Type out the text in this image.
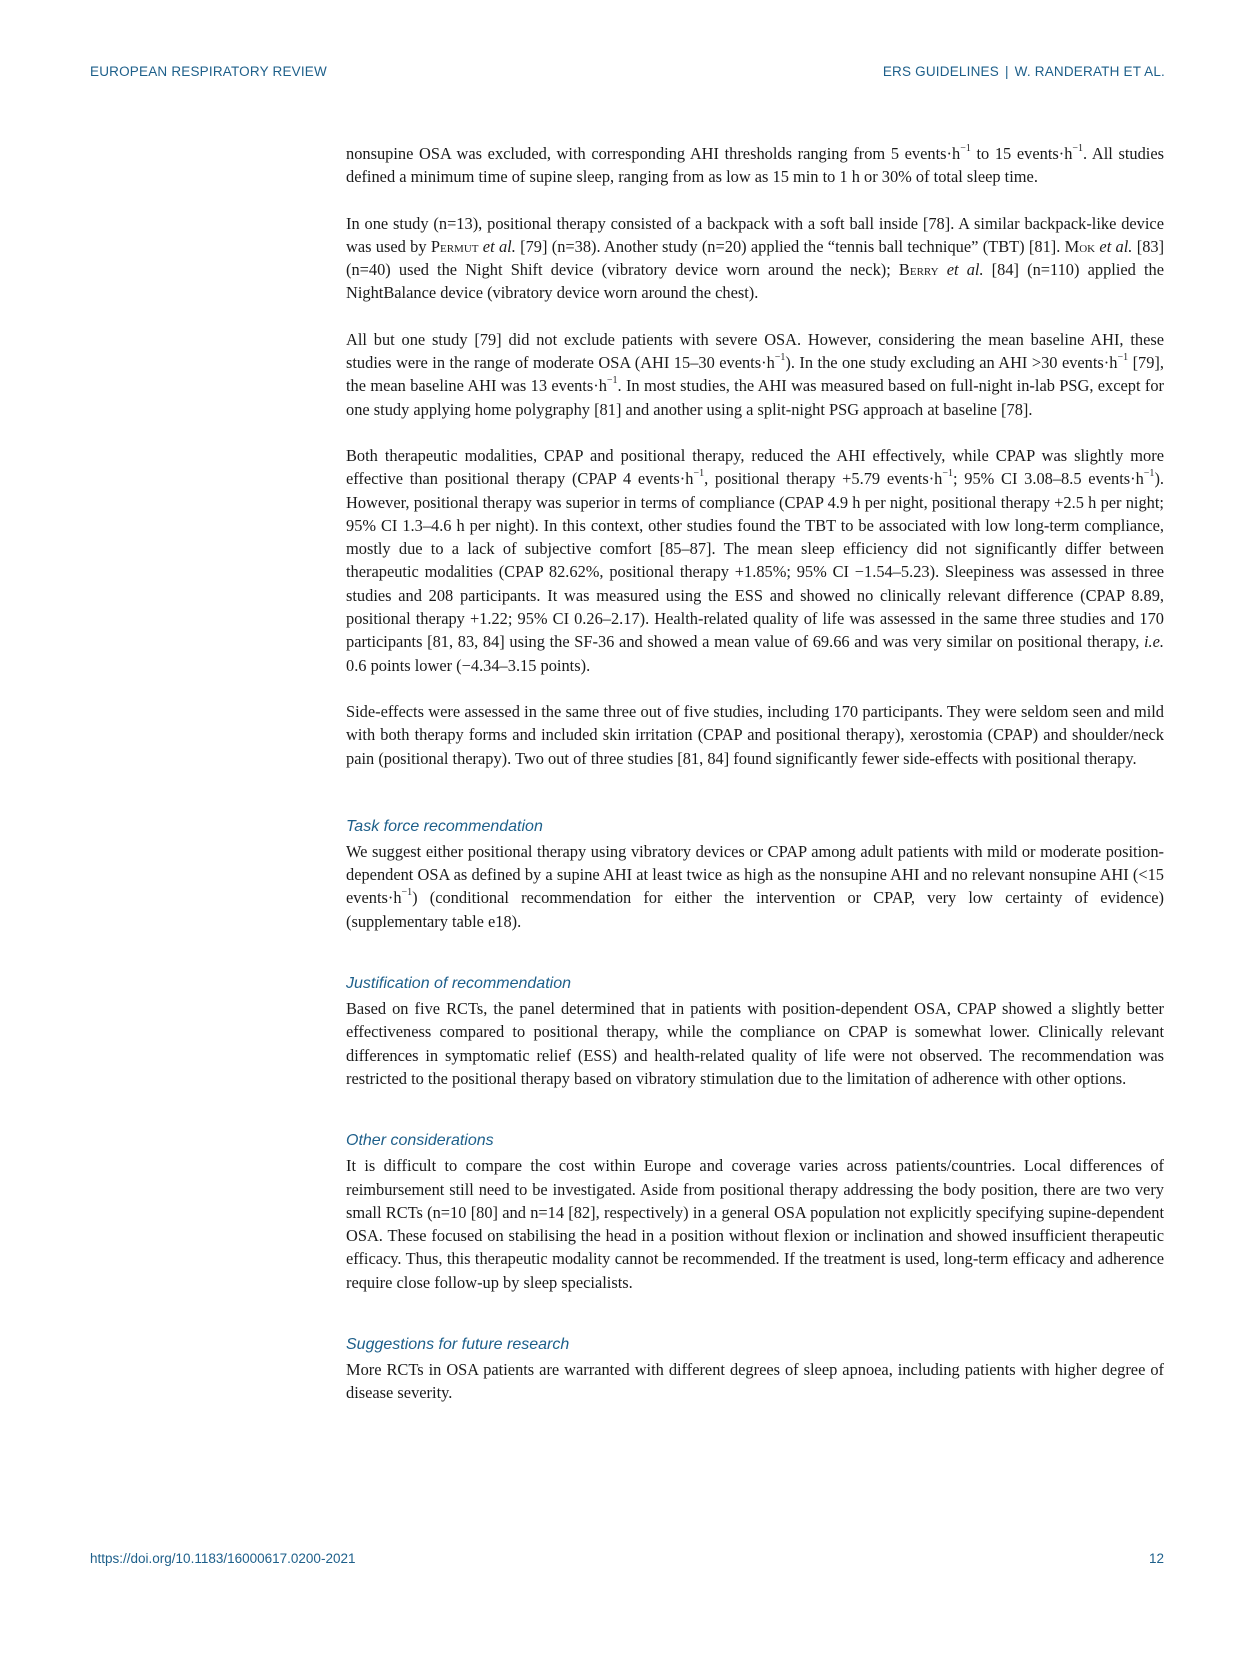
EUROPEAN RESPIRATORY REVIEW	ERS GUIDELINES | W. RANDERATH ET AL.

nonsupine OSA was excluded, with corresponding AHI thresholds ranging from 5 $events\cdot h^{-1}$ to 15 $events\cdot h^{-1}$. All studies defined a minimum time of supine sleep, ranging from as low as 15 min to 1 h or 30% of total sleep time.

In one study (n=13), positional therapy consisted of a backpack with a soft ball inside [78]. A similar backpack-like device was used by Permut et al. [79] (n=38). Another study (n=20) applied the “tennis ball technique” (TBT) [81]. Mok et al. [83] (n=40) used the Night Shift device (vibratory device worn around the neck); Berry et al. [84] (n=110) applied the NightBalance device (vibratory device worn around the chest).

All but one study [79] did not exclude patients with severe OSA. However, considering the mean baseline AHI, these studies were in the range of moderate OSA (AHI 15–30 $events\cdot h^{-1}$). In the one study excluding an AHI >30 $events\cdot h^{-1}$ [79], the mean baseline AHI was 13 $events\cdot h^{-1}$. In most studies, the AHI was measured based on full-night in-lab PSG, except for one study applying home polygraphy [81] and another using a split-night PSG approach at baseline [78].

Both therapeutic modalities, CPAP and positional therapy, reduced the AHI effectively, while CPAP was slightly more effective than positional therapy (CPAP 4 $events\cdot h^{-1}$, positional therapy +5.79 $events\cdot h^{-1}$; 95% CI 3.08–8.5 $events\cdot h^{-1}$). However, positional therapy was superior in terms of compliance (CPAP 4.9 h per night, positional therapy +2.5 h per night; 95% CI 1.3–4.6 h per night). In this context, other studies found the TBT to be associated with low long-term compliance, mostly due to a lack of subjective comfort [85–87]. The mean sleep efficiency did not significantly differ between therapeutic modalities (CPAP 82.62%, positional therapy +1.85%; 95% CI −1.54–5.23). Sleepiness was assessed in three studies and 208 participants. It was measured using the ESS and showed no clinically relevant difference (CPAP 8.89, positional therapy +1.22; 95% CI 0.26–2.17). Health-related quality of life was assessed in the same three studies and 170 participants [81, 83, 84] using the SF-36 and showed a mean value of 69.66 and was very similar on positional therapy, i.e. 0.6 points lower (−4.34–3.15 points).

Side-effects were assessed in the same three out of five studies, including 170 participants. They were seldom seen and mild with both therapy forms and included skin irritation (CPAP and positional therapy), xerostomia (CPAP) and shoulder/neck pain (positional therapy). Two out of three studies [81, 84] found significantly fewer side-effects with positional therapy.

Task force recommendation

We suggest either positional therapy using vibratory devices or CPAP among adult patients with mild or moderate position-dependent OSA as defined by a supine AHI at least twice as high as the nonsupine AHI and no relevant nonsupine AHI (<15 $events\cdot h^{-1}$) (conditional recommendation for either the intervention or CPAP, very low certainty of evidence) (supplementary table e18).

Justification of recommendation

Based on five RCTs, the panel determined that in patients with position-dependent OSA, CPAP showed a slightly better effectiveness compared to positional therapy, while the compliance on CPAP is somewhat lower. Clinically relevant differences in symptomatic relief (ESS) and health-related quality of life were not observed. The recommendation was restricted to the positional therapy based on vibratory stimulation due to the limitation of adherence with other options.

Other considerations

It is difficult to compare the cost within Europe and coverage varies across patients/countries. Local differences of reimbursement still need to be investigated. Aside from positional therapy addressing the body position, there are two very small RCTs (n=10 [80] and n=14 [82], respectively) in a general OSA population not explicitly specifying supine-dependent OSA. These focused on stabilising the head in a position without flexion or inclination and showed insufficient therapeutic efficacy. Thus, this therapeutic modality cannot be recommended. If the treatment is used, long-term efficacy and adherence require close follow-up by sleep specialists.

Suggestions for future research

More RCTs in OSA patients are warranted with different degrees of sleep apnoea, including patients with higher degree of disease severity.

https://doi.org/10.1183/16000617.0200-2021	12
